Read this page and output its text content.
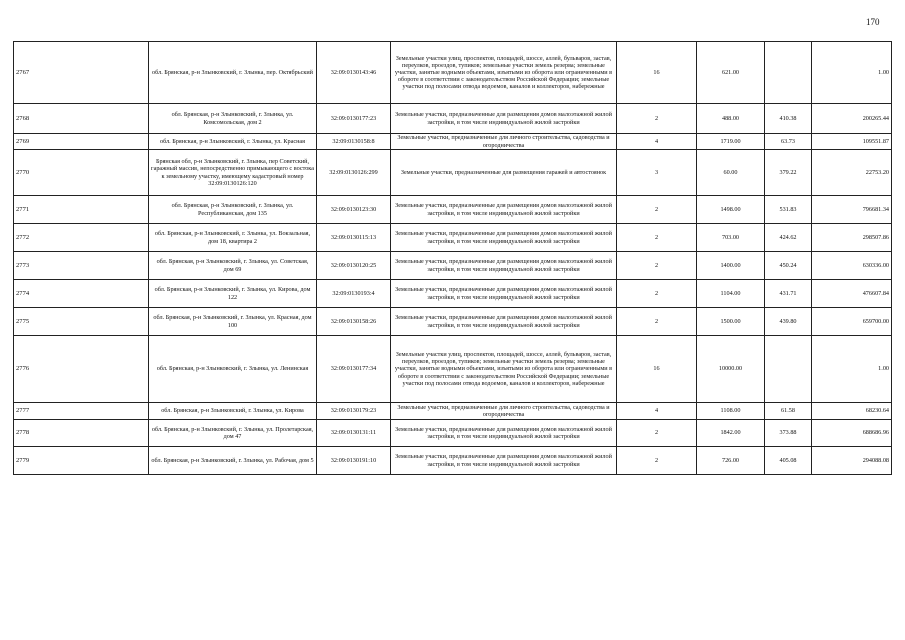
170
2767	обл. Брянская, р-н Злынковский, г. Злынка, пер. Октябрьский	32:09:0130143:46	Земельные участки улиц, проспектов, площадей, шоссе, аллей, бульваров, застав, переулков, проездов, тупиков; земельные участки земель резерва; земельные участки, занятые водными объектами, изъятыми из оборота или ограниченными в обороте в соответствии с законодательством Российской Федерации; земельные участки под полосами отвода водоемов, каналов и коллекторов, набережные	16	621.00		1.00
2768	обл. Брянская, р-н Злынковский, г. Злынка, ул. Комсомольская, дом 2	32:09:0130177:23	Земельные участки, предназначенные для размещения домов малоэтажной жилой застройки, в том числе индивидуальной жилой застройки	2	488.00	410.38	200265.44
2769	обл. Брянская, р-н Злынковский, г. Злынка, ул. Красная	32:09:0130158:8	Земельные участки, предназначенные для личного строительства, садоводства и огородничества	4	1719.00	63.73	109551.87
2770	Брянская обл, р-н Злынковский, г. Злынка, пер Советский, гаражный массив, непосредственно примыкающего с востока к земельному участку, имеющему кадастровый номер 32:09:0130126:120	32:09:0130126:299	Земельные участки, предназначенные для размещения гаражей и автостоянок	3	60.00	379.22	22753.20
2771	обл. Брянская, р-н Злынковский, г. Злынка, ул. Республиканская, дом 135	32:09:0130123:30	Земельные участки, предназначенные для размещения домов малоэтажной жилой застройки, в том числе индивидуальной жилой застройки	2	1498.00	531.83	796681.34
2772	обл. Брянская, р-н Злынковский, г. Злынка, ул. Вокзальная, дом 18, квартира 2	32:09:0130115:13	Земельные участки, предназначенные для размещения домов малоэтажной жилой застройки, в том числе индивидуальной жилой застройки	2	703.00	424.62	298507.86
2773	обл. Брянская, р-н Злынковский, г. Злынка, ул. Советская, дом 69	32:09:0130120:25	Земельные участки, предназначенные для размещения домов малоэтажной жилой застройки, в том числе индивидуальной жилой застройки	2	1400.00	450.24	630336.00
2774	обл. Брянская, р-н Злынковский, г. Злынка, ул. Кирова, дом 122	32:09:0130193:4	Земельные участки, предназначенные для размещения домов малоэтажной жилой застройки, в том числе индивидуальной жилой застройки	2	1104.00	431.71	476607.84
2775	обл. Брянская, р-н Злынковский, г. Злынка, ул. Красная, дом 100	32:09:0130158:26	Земельные участки, предназначенные для размещения домов малоэтажной жилой застройки, в том числе индивидуальной жилой застройки	2	1500.00	439.80	659700.00
2776	обл. Брянская, р-н Злынковский, г. Злынка, ул. Ленинская	32:09:0130177:34	Земельные участки улиц, проспектов, площадей, шоссе, аллей, бульваров, застав, переулков, проездов, тупиков; земельные участки земель резерва; земельные участки, занятые водными объектами, изъятыми из оборота или ограниченными в обороте в соответствии с законодательством Российской Федерации; земельные участки под полосами отвода водоемов, каналов и коллекторов, набережные	16	10000.00		1.00
2777	обл. Брянская, р-н Злынковский, г. Злынка, ул. Кирова	32:09:0130179:23	Земельные участки, предназначенные для личного строительства, садоводства и огородничества	4	1108.00	61.58	68230.64
2778	обл. Брянская, р-н Злынковский, г. Злынка, ул. Пролетарская, дом 47	32:09:0130131:11	Земельные участки, предназначенные для размещения домов малоэтажной жилой застройки, в том числе индивидуальной жилой застройки	2	1842.00	373.88	688686.96
2779	обл. Брянская, р-н Злынковский, г. Злынка, ул. Рабочая, дом 5	32:09:0130191:10	Земельные участки, предназначенные для размещения домов малоэтажной жилой застройки, в том числе индивидуальной жилой застройки	2	726.00	405.08	294088.08
